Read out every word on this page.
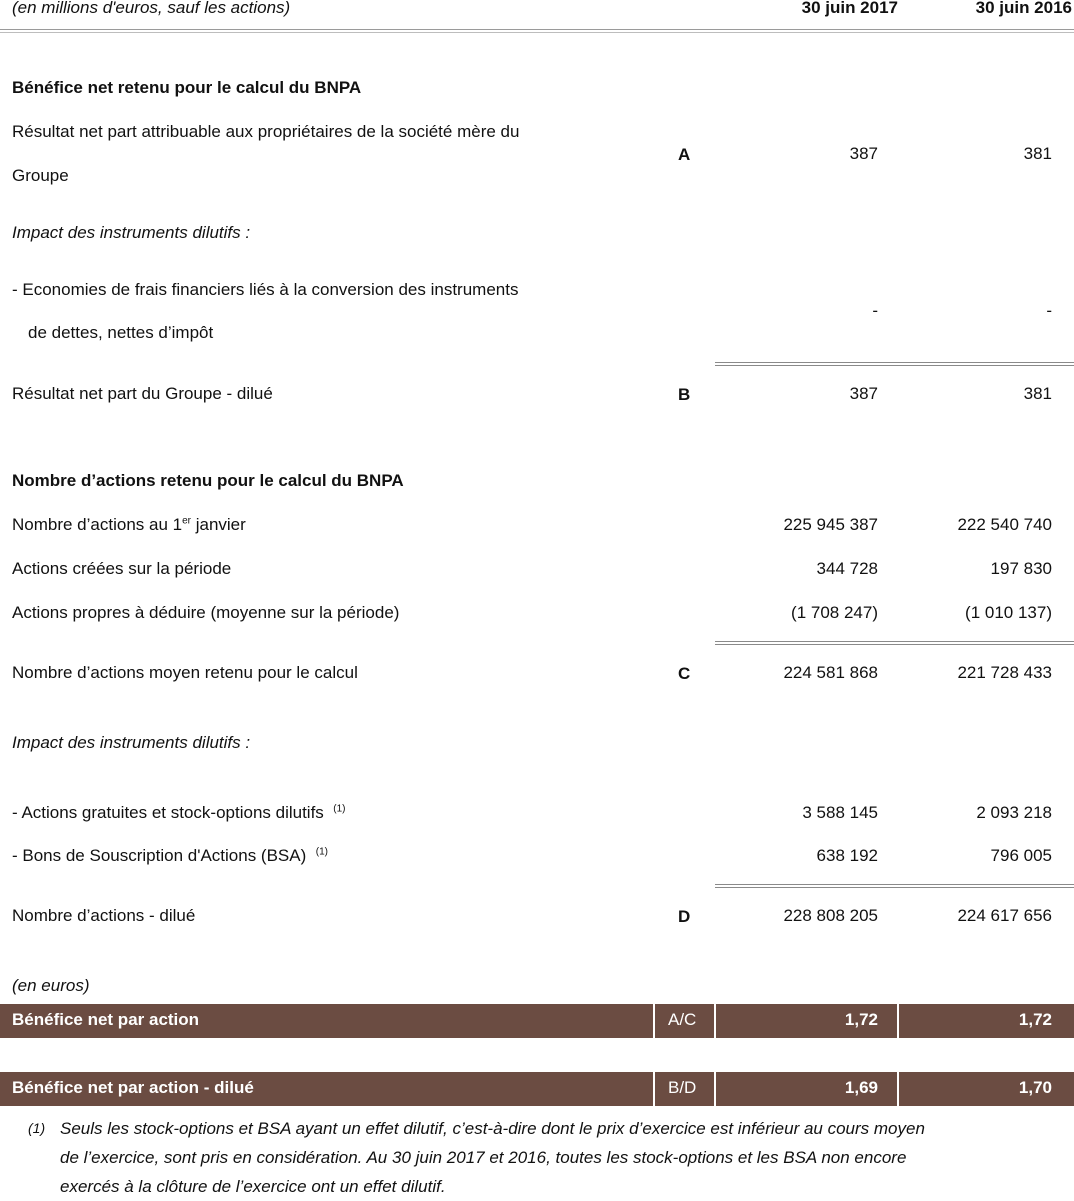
(en millions d'euros, sauf les actions)	30 juin 2017	30 juin 2016
Bénéfice net retenu pour le calcul du BNPA
Résultat net part attribuable aux propriétaires de la société mère du
Groupe
A	387	381
Impact des instruments dilutifs :
- Economies de frais financiers liés à la conversion des instruments
de dettes, nettes d’impôt
-	-
Résultat net part du Groupe - dilué	B	387	381
Nombre d’actions retenu pour le calcul du BNPA
Nombre d’actions au 1er janvier	225 945 387	222 540 740
Actions créées sur la période	344 728	197 830
Actions propres à déduire (moyenne sur la période)	(1 708 247)	(1 010 137)
Nombre d’actions moyen retenu pour le calcul	C	224 581 868	221 728 433
Impact des instruments dilutifs :
- Actions gratuites et stock-options dilutifs $^{(1)}$	3 588 145	2 093 218
- Bons de Souscription d'Actions (BSA) $^{(1)}$	638 192	796 005
Nombre d’actions - dilué	D	228 808 205	224 617 656
(en euros)
Bénéfice net par action	A/C	1,72	1,72
Bénéfice net par action - dilué	B/D	1,69	1,70
(1) Seuls les stock-options et BSA ayant un effet dilutif, c’est-à-dire dont le prix d’exercice est inférieur au cours moyen
de l’exercice, sont pris en considération. Au 30 juin 2017 et 2016, toutes les stock-options et les BSA non encore
exercés à la clôture de l’exercice ont un effet dilutif.
